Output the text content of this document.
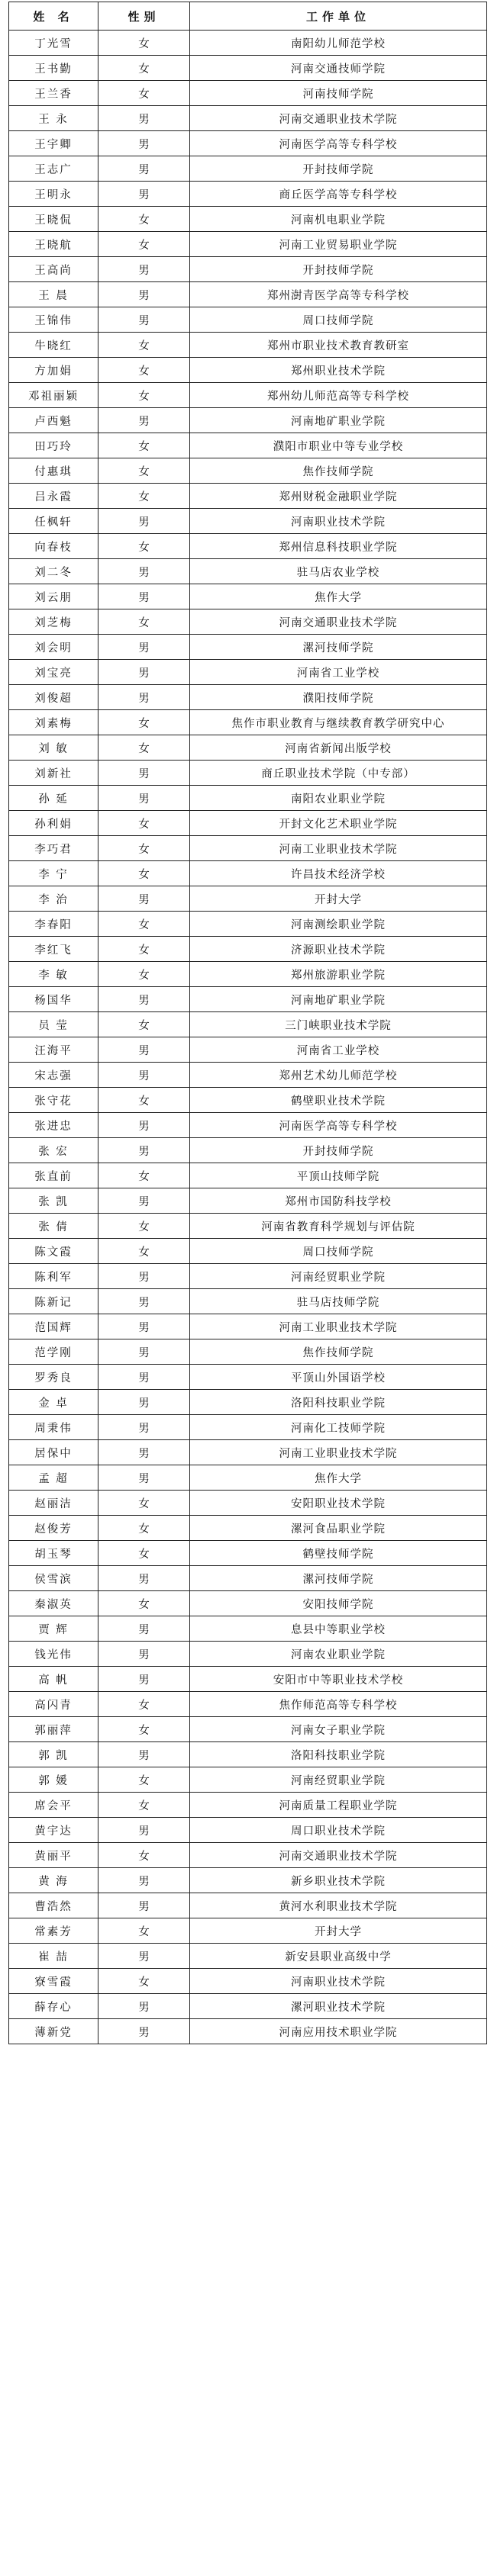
姓 名	性别	工作单位
丁光雪	女	南阳幼儿师范学校
王书勤	女	河南交通技师学院
王兰香	女	河南技师学院
王 永	男	河南交通职业技术学院
王宇卿	男	河南医学高等专科学校
王志广	男	开封技师学院
王明永	男	商丘医学高等专科学校
王晓侃	女	河南机电职业学院
王晓航	女	河南工业贸易职业学院
王高尚	男	开封技师学院
王 晨	男	郑州澍青医学高等专科学校
王锦伟	男	周口技师学院
牛晓红	女	郑州市职业技术教育教研室
方加娟	女	郑州职业技术学院
邓祖丽颖	女	郑州幼儿师范高等专科学校
卢西魁	男	河南地矿职业学院
田巧玲	女	濮阳市职业中等专业学校
付惠琪	女	焦作技师学院
吕永霞	女	郑州财税金融职业学院
任枫轩	男	河南职业技术学院
向春枝	女	郑州信息科技职业学院
刘二冬	男	驻马店农业学校
刘云朋	男	焦作大学
刘芝梅	女	河南交通职业技术学院
刘会明	男	漯河技师学院
刘宝亮	男	河南省工业学校
刘俊超	男	濮阳技师学院
刘素梅	女	焦作市职业教育与继续教育教学研究中心
刘 敏	女	河南省新闻出版学校
刘新社	男	商丘职业技术学院（中专部）
孙 延	男	南阳农业职业学院
孙利娟	女	开封文化艺术职业学院
李巧君	女	河南工业职业技术学院
李 宁	女	许昌技术经济学校
李 治	男	开封大学
李春阳	女	河南测绘职业学院
李红飞	女	济源职业技术学院
李 敏	女	郑州旅游职业学院
杨国华	男	河南地矿职业学院
员 莹	女	三门峡职业技术学院
汪海平	男	河南省工业学校
宋志强	男	郑州艺术幼儿师范学校
张守花	女	鹤壁职业技术学院
张进忠	男	河南医学高等专科学校
张 宏	男	开封技师学院
张直前	女	平顶山技师学院
张 凯	男	郑州市国防科技学校
张 倩	女	河南省教育科学规划与评估院
陈文霞	女	周口技师学院
陈利军	男	河南经贸职业学院
陈新记	男	驻马店技师学院
范国辉	男	河南工业职业技术学院
范学刚	男	焦作技师学院
罗秀良	男	平顶山外国语学校
金 卓	男	洛阳科技职业学院
周秉伟	男	河南化工技师学院
居保中	男	河南工业职业技术学院
孟 超	男	焦作大学
赵丽洁	女	安阳职业技术学院
赵俊芳	女	漯河食品职业学院
胡玉琴	女	鹤壁技师学院
侯雪滨	男	漯河技师学院
秦淑英	女	安阳技师学院
贾 辉	男	息县中等职业学校
钱光伟	男	河南农业职业学院
高 帆	男	安阳市中等职业技术学校
高闪青	女	焦作师范高等专科学校
郭丽萍	女	河南女子职业学院
郭 凯	男	洛阳科技职业学院
郭 媛	女	河南经贸职业学院
席会平	女	河南质量工程职业学院
黄宇达	男	周口职业技术学院
黄丽平	女	河南交通职业技术学院
黄 海	男	新乡职业技术学院
曹浩然	男	黄河水利职业技术学院
常素芳	女	开封大学
崔 喆	男	新安县职业高级中学
寮雪霞	女	河南职业技术学院
薛存心	男	漯河职业技术学院
薄新党	男	河南应用技术职业学院
